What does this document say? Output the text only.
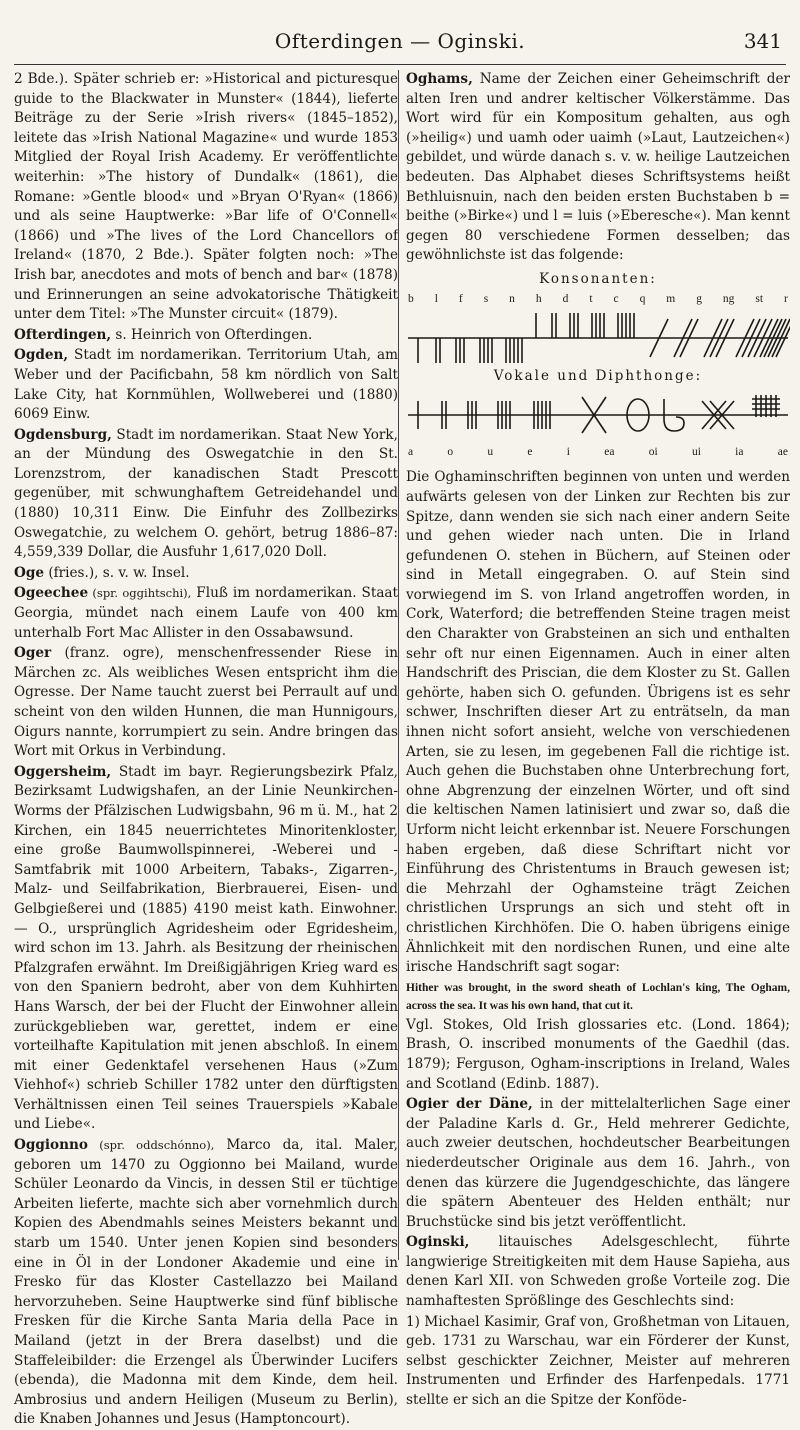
Ofterdingen — Oginski.	341

2 Bde.). Später schrieb er: »Historical and picturesque guide to the Blackwater in Munster« (1844), lieferte Beiträge zu der Serie »Irish rivers« (1845–1852), leitete das »Irish National Magazine« und wurde 1853 Mitglied der Royal Irish Academy. Er veröffentlichte weiterhin: »The history of Dundalk« (1861), die Romane: »Gentle blood« und »Bryan O'Ryan« (1866) und als seine Hauptwerke: »Bar life of O'Connell« (1866) und »The lives of the Lord Chancellors of Ireland« (1870, 2 Bde.). Später folgten noch: »The Irish bar, anecdotes and mots of bench and bar« (1878) und Erinnerungen an seine advokatorische Thätigkeit unter dem Titel: »The Munster circuit« (1879).

Ofterdingen, s. Heinrich von Ofterdingen.

Ogden, Stadt im nordamerikan. Territorium Utah, am Weber und der Pacificbahn, 58 km nördlich von Salt Lake City, hat Kornmühlen, Wollweberei und (1880) 6069 Einw.

Ogdensburg, Stadt im nordamerikan. Staat New York, an der Mündung des Oswegatchie in den St. Lorenzstrom, der kanadischen Stadt Prescott gegenüber, mit schwunghaftem Getreidehandel und (1880) 10,311 Einw. Die Einfuhr des Zollbezirks Oswegatchie, zu welchem O. gehört, betrug 1886–87: 4,559,339 Dollar, die Ausfuhr 1,617,020 Doll.

Oge (fries.), s. v. w. Insel.

Ogeechee (spr. oggihtschi), Fluß im nordamerikan. Staat Georgia, mündet nach einem Laufe von 400 km unterhalb Fort Mac Allister in den Ossabawsund.

Oger (franz. ogre), menschenfressender Riese in Märchen zc. Als weibliches Wesen entspricht ihm die Ogresse. Der Name taucht zuerst bei Perrault auf und scheint von den wilden Hunnen, die man Hunnigours, Oigurs nannte, korrumpiert zu sein. Andre bringen das Wort mit Orkus in Verbindung.

Oggersheim, Stadt im bayr. Regierungsbezirk Pfalz, Bezirksamt Ludwigshafen, an der Linie Neunkirchen-Worms der Pfälzischen Ludwigsbahn, 96 m ü. M., hat 2 Kirchen, ein 1845 neuerrichtetes Minoritenkloster, eine große Baumwollspinnerei, -Weberei und -Samtfabrik mit 1000 Arbeitern, Tabaks-, Zigarren-, Malz- und Seilfabrikation, Bierbrauerei, Eisen- und Gelbgießerei und (1885) 4190 meist kath. Einwohner. — O., ursprünglich Agridesheim oder Egridesheim, wird schon im 13. Jahrh. als Besitzung der rheinischen Pfalzgrafen erwähnt. Im Dreißigjährigen Krieg ward es von den Spaniern bedroht, aber von dem Kuhhirten Hans Warsch, der bei der Flucht der Einwohner allein zurückgeblieben war, gerettet, indem er eine vorteilhafte Kapitulation mit jenen abschloß. In einem mit einer Gedenktafel versehenen Haus (»Zum Viehhof«) schrieb Schiller 1782 unter den dürftigsten Verhältnissen einen Teil seines Trauerspiels »Kabale und Liebe«.

Oggionno (spr. oddschónno), Marco da, ital. Maler, geboren um 1470 zu Oggionno bei Mailand, wurde Schüler Leonardo da Vincis, in dessen Stil er tüchtige Arbeiten lieferte, machte sich aber vornehmlich durch Kopien des Abendmahls seines Meisters bekannt und starb um 1540. Unter jenen Kopien sind besonders eine in Öl in der Londoner Akademie und eine in Fresko für das Kloster Castellazzo bei Mailand hervorzuheben. Seine Hauptwerke sind fünf biblische Fresken für die Kirche Santa Maria della Pace in Mailand (jetzt in der Brera daselbst) und die Staffeleibilder: die Erzengel als Überwinder Lucifers (ebenda), die Madonna mit dem Kinde, dem heil. Ambrosius und andern Heiligen (Museum zu Berlin), die Knaben Johannes und Jesus (Hamptoncourt).

Oghams, Name der Zeichen einer Geheimschrift der alten Iren und andrer keltischer Völkerstämme. Das Wort wird für ein Kompositum gehalten, aus ogh (»heilig«) und uamh oder uaimh (»Laut, Lautzeichen«) gebildet, und würde danach s. v. w. heilige Lautzeichen bedeuten. Das Alphabet dieses Schriftsystems heißt Bethluisnuin, nach den beiden ersten Buchstaben b = beithe (»Birke«) und l = luis (»Eberesche«). Man kennt gegen 80 verschiedene Formen desselben; das gewöhnlichste ist das folgende:

Konsonanten:
b l f s n h d t c q m g ng st r
Vokale und Diphthonge:
a	o	u	e	i	ea	oi	ui	ia	ae

Die Oghaminschriften beginnen von unten und werden aufwärts gelesen von der Linken zur Rechten bis zur Spitze, dann wenden sie sich nach einer andern Seite und gehen wieder nach unten. Die in Irland gefundenen O. stehen in Büchern, auf Steinen oder sind in Metall eingegraben. O. auf Stein sind vorwiegend im S. von Irland angetroffen worden, in Cork, Waterford; die betreffenden Steine tragen meist den Charakter von Grabsteinen an sich und enthalten sehr oft nur einen Eigennamen. Auch in einer alten Handschrift des Priscian, die dem Kloster zu St. Gallen gehörte, haben sich O. gefunden. Übrigens ist es sehr schwer, Inschriften dieser Art zu enträtseln, da man ihnen nicht sofort ansieht, welche von verschiedenen Arten, sie zu lesen, im gegebenen Fall die richtige ist. Auch gehen die Buchstaben ohne Unterbrechung fort, ohne Abgrenzung der einzelnen Wörter, und oft sind die keltischen Namen latinisiert und zwar so, daß die Urform nicht leicht erkennbar ist. Neuere Forschungen haben ergeben, daß diese Schriftart nicht vor Einführung des Christentums in Brauch gewesen ist; die Mehrzahl der Oghamsteine trägt Zeichen christlichen Ursprungs an sich und steht oft in christlichen Kirchhöfen. Die O. haben übrigens einige Ähnlichkeit mit den nordischen Runen, und eine alte irische Handschrift sagt sogar:

Hither was brought, in the sword sheath of Lochlan's king, The Ogham, across the sea. It was his own hand, that cut it.

Vgl. Stokes, Old Irish glossaries etc. (Lond. 1864); Brash, O. inscribed monuments of the Gaedhil (das. 1879); Ferguson, Ogham-inscriptions in Ireland, Wales and Scotland (Edinb. 1887).

Ogier der Däne, in der mittelalterlichen Sage einer der Paladine Karls d. Gr., Held mehrerer Gedichte, auch zweier deutschen, hochdeutscher Bearbeitungen niederdeutscher Originale aus dem 16. Jahrh., von denen das kürzere die Jugendgeschichte, das längere die spätern Abenteuer des Helden enthält; nur Bruchstücke sind bis jetzt veröffentlicht.

Oginski, litauisches Adelsgeschlecht, führte langwierige Streitigkeiten mit dem Hause Sapieha, aus denen Karl XII. von Schweden große Vorteile zog. Die namhaftesten Sprößlinge des Geschlechts sind:

1) Michael Kasimir, Graf von, Großhetman von Litauen, geb. 1731 zu Warschau, war ein Förderer der Kunst, selbst geschickter Zeichner, Meister auf mehreren Instrumenten und Erfinder des Harfenpedals. 1771 stellte er sich an die Spitze der Konföde-
